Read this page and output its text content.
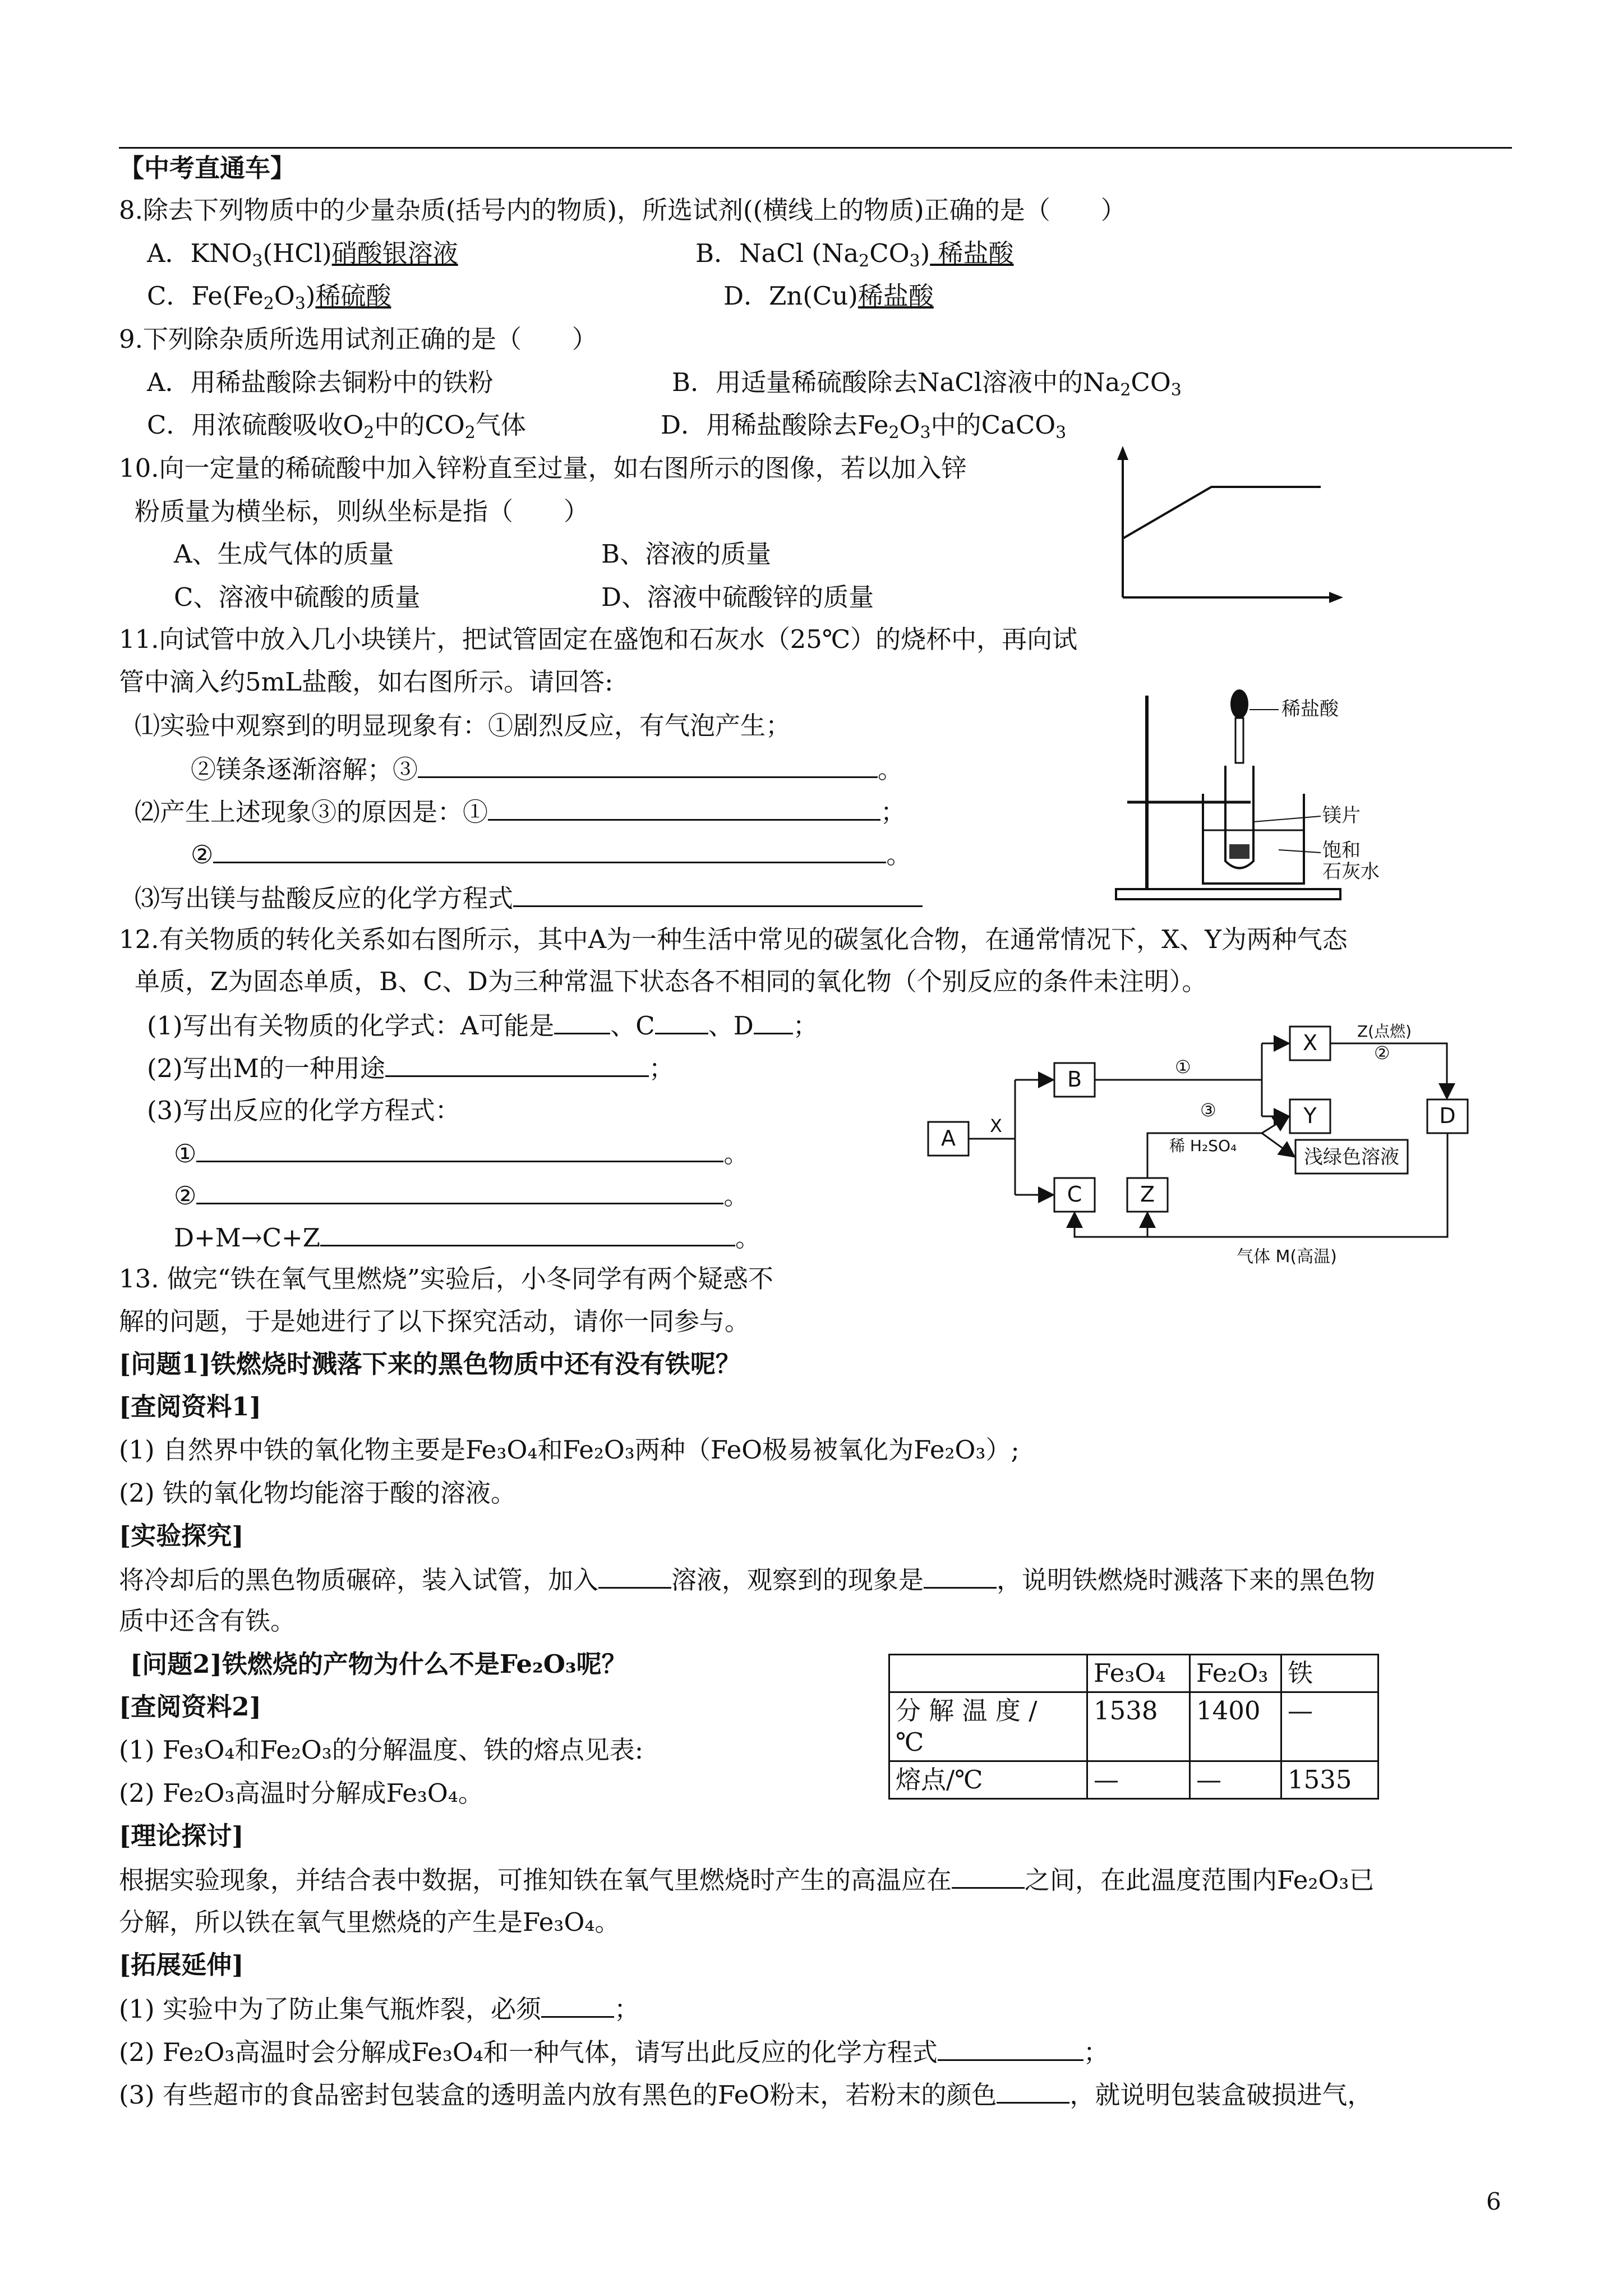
【中考直通车】
8.除去下列物质中的少量杂质(括号内的物质)，所选试剂((横线上的物质)正确的是（　　）
A．$KNO_3(HCl)$硝酸银溶液	B．NaCl $(Na_2CO_3)$ 稀盐酸
C．$Fe(Fe_2O_3)$稀硫酸	D．Zn(Cu)稀盐酸
9.下列除杂质所选用试剂正确的是（　　）
A．用稀盐酸除去铜粉中的铁粉	B．用适量稀硫酸除去NaCl溶液中的$Na_2CO_3$
C．用浓硫酸吸收$O_2$中的$CO_2$气体	D．用稀盐酸除去$Fe_2O_3$中的CaCO$_3$
10.向一定量的稀硫酸中加入锌粉直至过量，如右图所示的图像，若以加入锌
粉质量为横坐标，则纵坐标是指（　　）
A、生成气体的质量	B、溶液的质量
C、溶液中硫酸的质量	D、溶液中硫酸锌的质量
11.向试管中放入几小块镁片，把试管固定在盛饱和石灰水（25℃）的烧杯中，再向试
管中滴入约5mL盐酸，如右图所示。请回答:
⑴实验中观察到的明显现象有：①剧烈反应，有气泡产生；
②镁条逐渐溶解；③	。
⑵产生上述现象③的原因是：①	；
②	。
⑶写出镁与盐酸反应的化学方程式
稀盐酸
镁片
饱和
石灰水
12.有关物质的转化关系如右图所示，其中A为一种生活中常见的碳氢化合物，在通常情况下，X、Y为两种气态
单质，Z为固态单质，B、C、D为三种常温下状态各不相同的氧化物（个别反应的条件未注明）。
(1)写出有关物质的化学式：A可能是 、C 、D ；
(2)写出M的一种用途	；
(3)写出反应的化学方程式：
①	。
②	。
D+M→C+Z	。
A
B
C	Z
X
Y	D
浅绿色溶液
X
①
Z(点燃)
②
③
稀 H₂SO₄
气体 M(高温)
13. 做完“铁在氧气里燃烧”实验后，小冬同学有两个疑惑不
解的问题，于是她进行了以下探究活动，请你一同参与。
[问题1]铁燃烧时溅落下来的黑色物质中还有没有铁呢？
[查阅资料1]
(1) 自然界中铁的氧化物主要是Fe₃O₄和Fe₂O₃两种（FeO极易被氧化为Fe₂O₃）;
(2) 铁的氧化物均能溶于酸的溶液。
[实验探究]
将冷却后的黑色物质碾碎，装入试管，加入	溶液，观察到的现象是	，说明铁燃烧时溅落下来的黑色物
质中还含有铁。
[问题2]铁燃烧的产物为什么不是Fe₂O₃呢？
[查阅资料2]
(1) Fe₃O₄和Fe₂O₃的分解温度、铁的熔点见表:
(2) Fe₂O₃高温时分解成Fe₃O₄。
	Fe₃O₄	Fe₂O₃	铁

分 解 温 度 /
℃	1538	1400	—
熔点/℃	—	—	1535
[理论探讨]
根据实验现象，并结合表中数据，可推知铁在氧气里燃烧时产生的高温应在	之间，在此温度范围内Fe₂O₃已
分解，所以铁在氧气里燃烧的产生是Fe₃O₄。
[拓展延伸]
(1) 实验中为了防止集气瓶炸裂，必须	；
(2) Fe₂O₃高温时会分解成Fe₃O₄和一种气体，请写出此反应的化学方程式	；
(3) 有些超市的食品密封包装盒的透明盖内放有黑色的FeO粉末，若粉末的颜色	，就说明包装盒破损进气，
6
